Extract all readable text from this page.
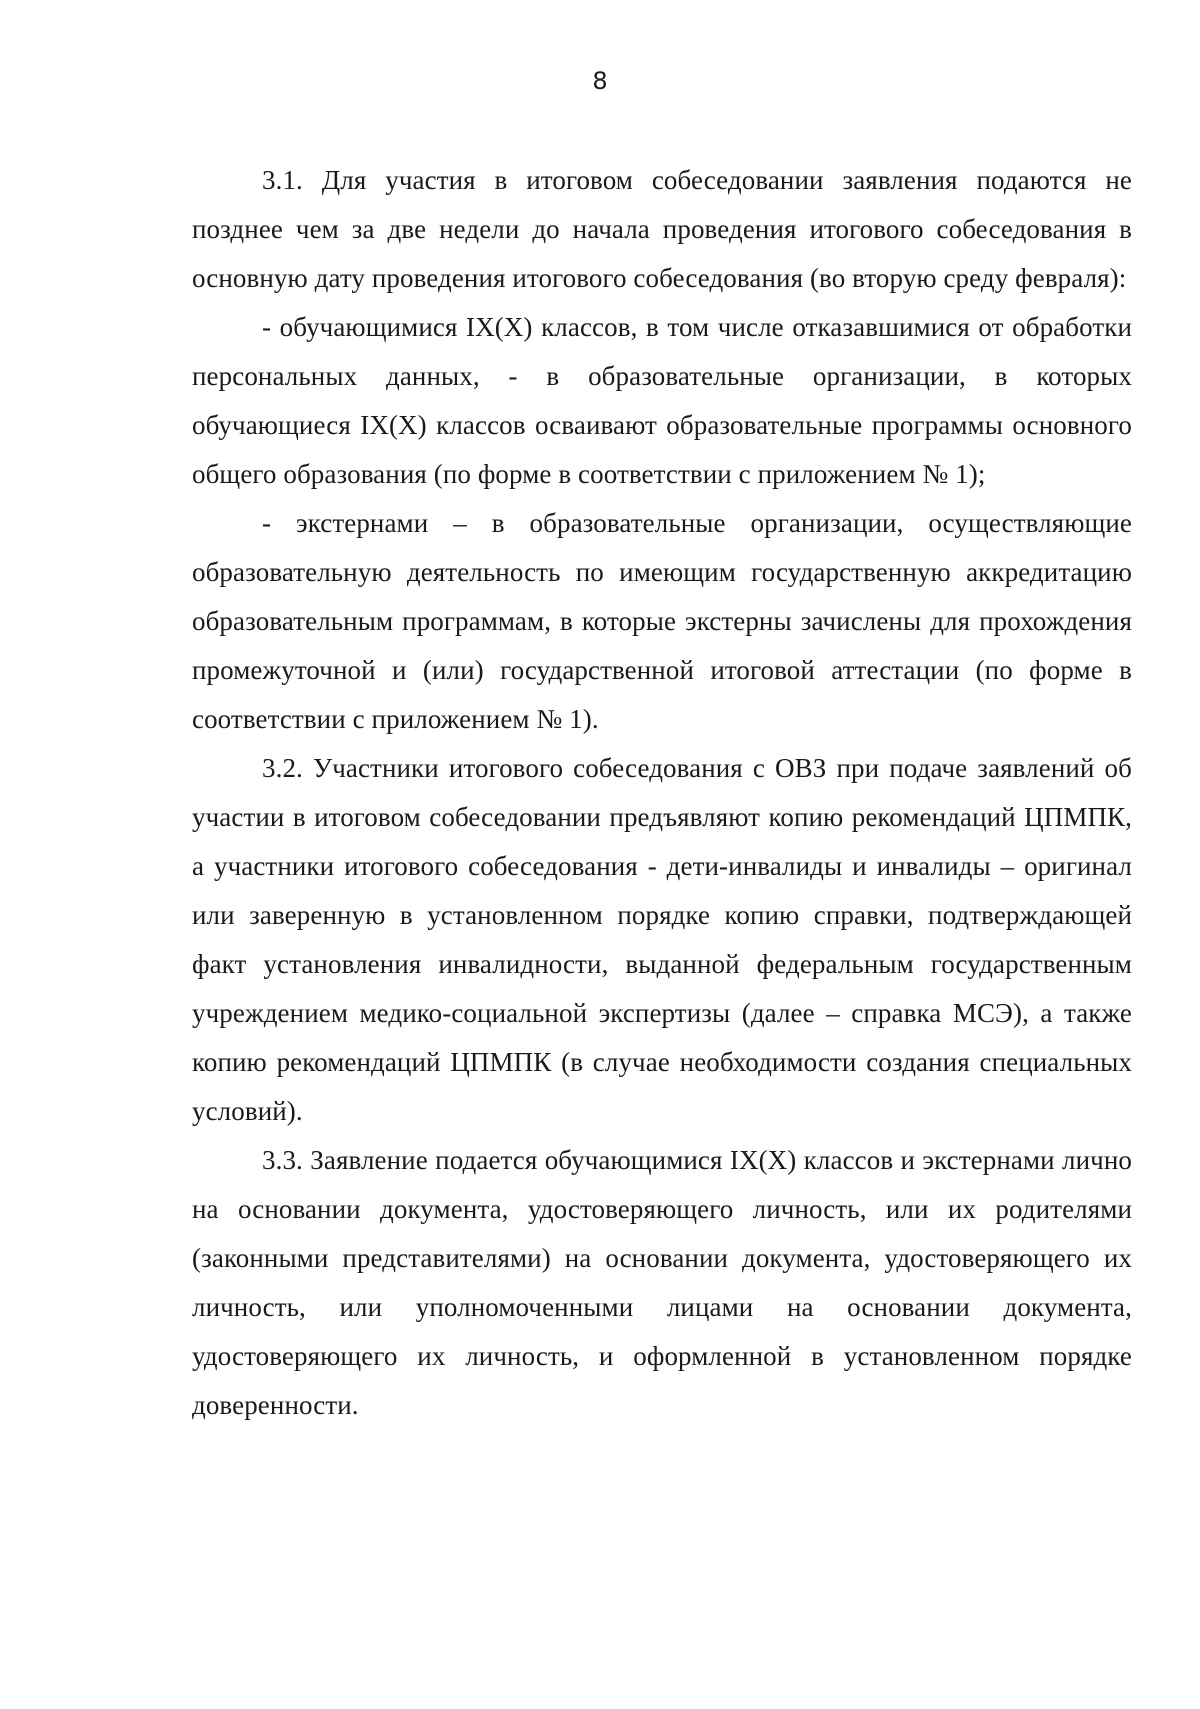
8

3.1. Для участия в итоговом собеседовании заявления подаются не позднее чем за две недели до начала проведения итогового собеседования в основную дату проведения итогового собеседования (во вторую среду февраля):

- обучающимися IX(X) классов, в том числе отказавшимися от обработки персональных данных, - в образовательные организации, в которых обучающиеся IX(X) классов осваивают образовательные программы основного общего образования (по форме в соответствии с приложением № 1);

- экстернами – в образовательные организации, осуществляющие образовательную деятельность по имеющим государственную аккредитацию образовательным программам, в которые экстерны зачислены для прохождения промежуточной и (или) государственной итоговой аттестации (по форме в соответствии с приложением № 1).

3.2. Участники итогового собеседования с ОВЗ при подаче заявлений об участии в итоговом собеседовании предъявляют копию рекомендаций ЦПМПК, а участники итогового собеседования - дети-инвалиды и инвалиды – оригинал или заверенную в установленном порядке копию справки, подтверждающей факт установления инвалидности, выданной федеральным государственным учреждением медико-социальной экспертизы (далее – справка МСЭ), а также копию рекомендаций ЦПМПК (в случае необходимости создания специальных условий).

3.3. Заявление подается обучающимися IX(X) классов и экстернами лично на основании документа, удостоверяющего личность, или их родителями (законными представителями) на основании документа, удостоверяющего их личность, или уполномоченными лицами на основании документа, удостоверяющего их личность, и оформленной в установленном порядке доверенности.
